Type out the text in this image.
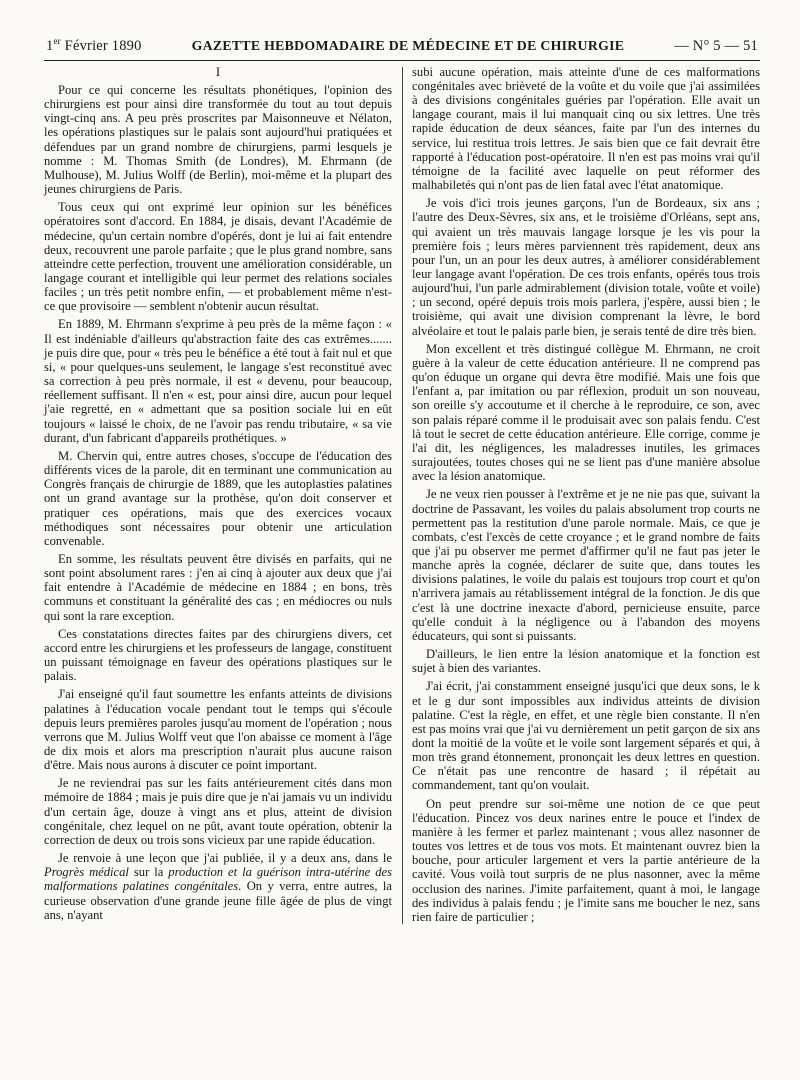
1er Février 1890	GAZETTE HEBDOMADAIRE DE MÉDECINE ET DE CHIRURGIE	— N° 5 — 51

I

Pour ce qui concerne les résultats phonétiques, l'opinion des chirurgiens est pour ainsi dire transformée du tout au tout depuis vingt-cinq ans. A peu près proscrites par Maisonneuve et Nélaton, les opérations plastiques sur le palais sont aujourd'hui pratiquées et défendues par un grand nombre de chirurgiens, parmi lesquels je nomme : M. Thomas Smith (de Londres), M. Ehrmann (de Mulhouse), M. Julius Wolff (de Berlin), moi-même et la plupart des jeunes chirurgiens de Paris.

Tous ceux qui ont exprimé leur opinion sur les bénéfices opératoires sont d'accord. En 1884, je disais, devant l'Académie de médecine, qu'un certain nombre d'opérés, dont je lui ai fait entendre deux, recouvrent une parole parfaite ; que le plus grand nombre, sans atteindre cette perfection, trouvent une amélioration considérable, un langage courant et intelligible qui leur permet des relations sociales faciles ; un très petit nombre enfin, — et probablement même n'est-ce que provisoire — semblent n'obtenir aucun résultat.

En 1889, M. Ehrmann s'exprime à peu près de la même façon : « Il est indéniable d'ailleurs qu'abstraction faite des cas extrêmes....... je puis dire que, pour « très peu le bénéfice a été tout à fait nul et que si, « pour quelques-uns seulement, le langage s'est reconstitué avec sa correction à peu près normale, il est « devenu, pour beaucoup, réellement suffisant. Il n'en « est, pour ainsi dire, aucun pour lequel j'aie regretté, en « admettant que sa position sociale lui en eût toujours « laissé le choix, de ne l'avoir pas rendu tributaire, « sa vie durant, d'un fabricant d'appareils prothétiques. »

M. Chervin qui, entre autres choses, s'occupe de l'éducation des différents vices de la parole, dit en terminant une communication au Congrès français de chirurgie de 1889, que les autoplasties palatines ont un grand avantage sur la prothèse, qu'on doit conserver et pratiquer ces opérations, mais que des exercices vocaux méthodiques sont nécessaires pour obtenir une articulation convenable.

En somme, les résultats peuvent être divisés en parfaits, qui ne sont point absolument rares : j'en ai cinq à ajouter aux deux que j'ai fait entendre à l'Académie de médecine en 1884 ; en bons, très communs et constituant la généralité des cas ; en médiocres ou nuls qui sont la rare exception.

Ces constatations directes faites par des chirurgiens divers, cet accord entre les chirurgiens et les professeurs de langage, constituent un puissant témoignage en faveur des opérations plastiques sur le palais.

J'ai enseigné qu'il faut soumettre les enfants atteints de divisions palatines à l'éducation vocale pendant tout le temps qui s'écoule depuis leurs premières paroles jusqu'au moment de l'opération ; nous verrons que M. Julius Wolff veut que l'on abaisse ce moment à l'âge de dix mois et alors ma prescription n'aurait plus aucune raison d'être. Mais nous aurons à discuter ce point important.

Je ne reviendrai pas sur les faits antérieurement cités dans mon mémoire de 1884 ; mais je puis dire que je n'ai jamais vu un individu d'un certain âge, douze à vingt ans et plus, atteint de division congénitale, chez lequel on ne pût, avant toute opération, obtenir la correction de deux ou trois sons vicieux par une rapide éducation.

Je renvoie à une leçon que j'ai publiée, il y a deux ans, dans le Progrès médical sur la production et la guérison intra-utérine des malformations palatines congénitales. On y verra, entre autres, la curieuse observation d'une grande jeune fille âgée de plus de vingt ans, n'ayant

subi aucune opération, mais atteinte d'une de ces malformations congénitales avec brièveté de la voûte et du voile que j'ai assimilées à des divisions congénitales guéries par l'opération. Elle avait un langage courant, mais il lui manquait cinq ou six lettres. Une très rapide éducation de deux séances, faite par l'un des internes du service, lui restitua trois lettres. Je sais bien que ce fait devrait être rapporté à l'éducation post-opératoire. Il n'en est pas moins vrai qu'il témoigne de la facilité avec laquelle on peut réformer des malhabiletés qui n'ont pas de lien fatal avec l'état anatomique.

Je vois d'ici trois jeunes garçons, l'un de Bordeaux, six ans ; l'autre des Deux-Sèvres, six ans, et le troisième d'Orléans, sept ans, qui avaient un très mauvais langage lorsque je les vis pour la première fois ; leurs mères parviennent très rapidement, deux ans pour l'un, un an pour les deux autres, à améliorer considérablement leur langage avant l'opération. De ces trois enfants, opérés tous trois aujourd'hui, l'un parle admirablement (division totale, voûte et voile) ; un second, opéré depuis trois mois parlera, j'espère, aussi bien ; le troisième, qui avait une division comprenant la lèvre, le bord alvéolaire et tout le palais parle bien, je serais tenté de dire très bien.

Mon excellent et très distingué collègue M. Ehrmann, ne croit guère à la valeur de cette éducation antérieure. Il ne comprend pas qu'on éduque un organe qui devra être modifié. Mais une fois que l'enfant a, par imitation ou par réflexion, produit un son nouveau, son oreille s'y accoutume et il cherche à le reproduire, ce son, avec son palais réparé comme il le produisait avec son palais fendu. C'est là tout le secret de cette éducation antérieure. Elle corrige, comme je l'ai dit, les négligences, les maladresses inutiles, les grimaces surajoutées, toutes choses qui ne se lient pas d'une manière absolue avec la lésion anatomique.

Je ne veux rien pousser à l'extrême et je ne nie pas que, suivant la doctrine de Passavant, les voiles du palais absolument trop courts ne permettent pas la restitution d'une parole normale. Mais, ce que je combats, c'est l'excès de cette croyance ; et le grand nombre de faits que j'ai pu observer me permet d'affirmer qu'il ne faut pas jeter le manche après la cognée, déclarer de suite que, dans toutes les divisions palatines, le voile du palais est toujours trop court et qu'on n'arrivera jamais au rétablissement intégral de la fonction. Je dis que c'est là une doctrine inexacte d'abord, pernicieuse ensuite, parce qu'elle conduit à la négligence ou à l'abandon des moyens éducateurs, qui sont si puissants.

D'ailleurs, le lien entre la lésion anatomique et la fonction est sujet à bien des variantes.

J'ai écrit, j'ai constamment enseigné jusqu'ici que deux sons, le k et le g dur sont impossibles aux individus atteints de division palatine. C'est la règle, en effet, et une règle bien constante. Il n'en est pas moins vrai que j'ai vu dernièrement un petit garçon de six ans dont la moitié de la voûte et le voile sont largement séparés et qui, à mon très grand étonnement, prononçait les deux lettres en question. Ce n'était pas une rencontre de hasard ; il répétait au commandement, tant qu'on voulait.

On peut prendre sur soi-même une notion de ce que peut l'éducation. Pincez vos deux narines entre le pouce et l'index de manière à les fermer et parlez maintenant ; vous allez nasonner de toutes vos lettres et de tous vos mots. Et maintenant ouvrez bien la bouche, pour articuler largement et vers la partie antérieure de la cavité. Vous voilà tout surpris de ne plus nasonner, avec la même occlusion des narines. J'imite parfaitement, quant à moi, le langage des individus à palais fendu ; je l'imite sans me boucher le nez, sans rien faire de particulier ;
